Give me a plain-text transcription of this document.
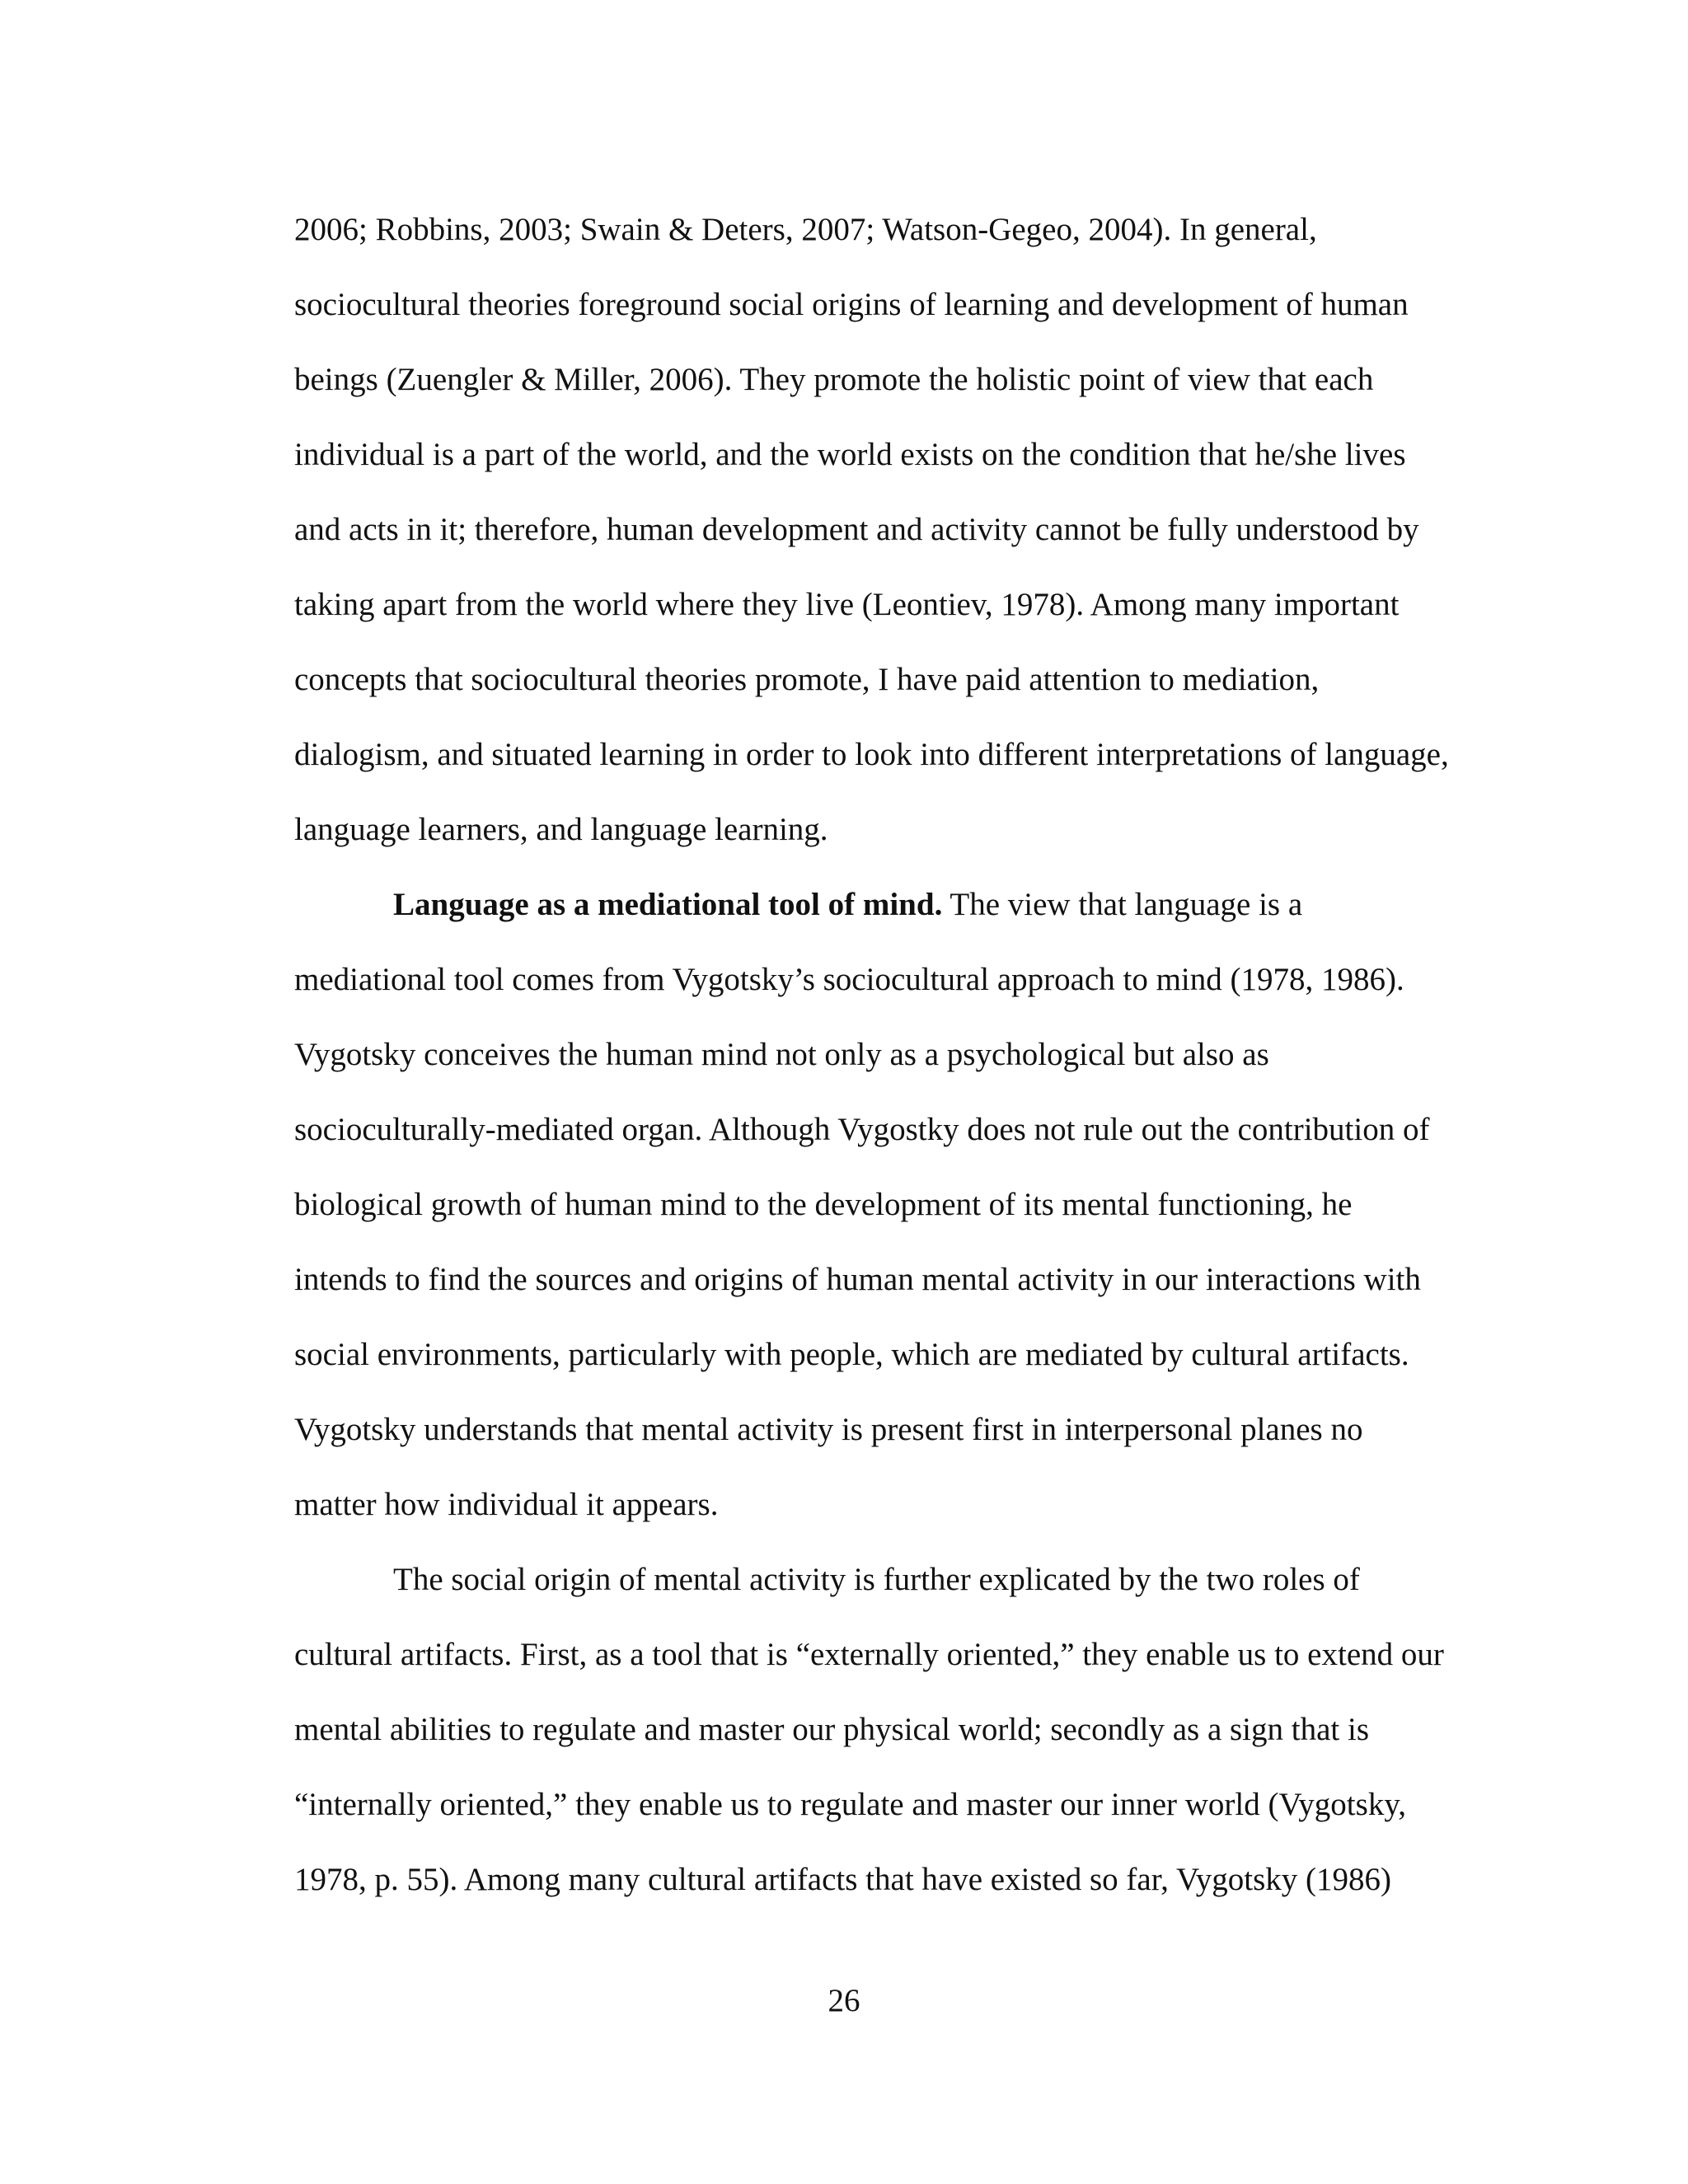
2006; Robbins, 2003; Swain & Deters, 2007; Watson-Gegeo, 2004). In general,
sociocultural theories foreground social origins of learning and development of human
beings (Zuengler & Miller, 2006). They promote the holistic point of view that each
individual is a part of the world, and the world exists on the condition that he/she lives
and acts in it; therefore, human development and activity cannot be fully understood by
taking apart from the world where they live (Leontiev, 1978). Among many important
concepts that sociocultural theories promote, I have paid attention to mediation,
dialogism, and situated learning in order to look into different interpretations of language,
language learners, and language learning.
Language as a mediational tool of mind. The view that language is a
mediational tool comes from Vygotsky’s sociocultural approach to mind (1978, 1986).
Vygotsky conceives the human mind not only as a psychological but also as
socioculturally-mediated organ. Although Vygostky does not rule out the contribution of
biological growth of human mind to the development of its mental functioning, he
intends to find the sources and origins of human mental activity in our interactions with
social environments, particularly with people, which are mediated by cultural artifacts.
Vygotsky understands that mental activity is present first in interpersonal planes no
matter how individual it appears.
The social origin of mental activity is further explicated by the two roles of
cultural artifacts. First, as a tool that is “externally oriented,” they enable us to extend our
mental abilities to regulate and master our physical world; secondly as a sign that is
“internally oriented,” they enable us to regulate and master our inner world (Vygotsky,
1978, p. 55). Among many cultural artifacts that have existed so far, Vygotsky (1986)
26
